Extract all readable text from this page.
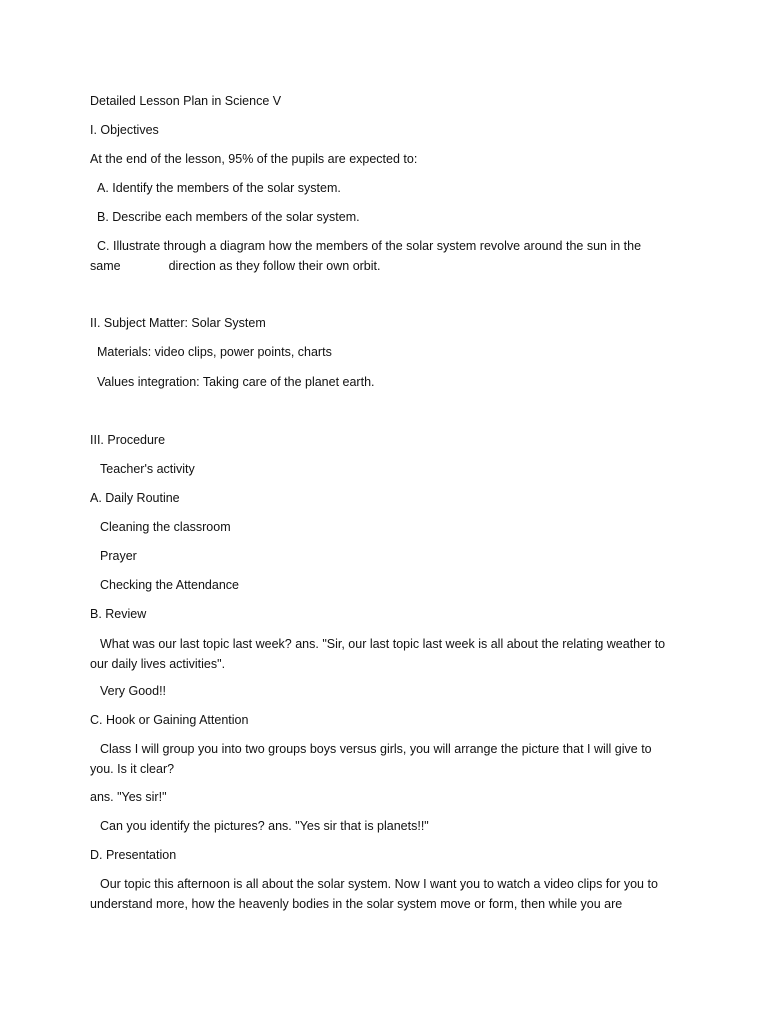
Detailed Lesson Plan in Science V
I. Objectives
At the end of the lesson, 95% of the pupils are expected to:
A. Identify the members of the solar system.
B. Describe each members of the solar system.
C. Illustrate through a diagram how the members of the solar system revolve around the sun in the
same	direction as they follow their own orbit.
II. Subject Matter: Solar System
Materials: video clips, power points, charts
Values integration: Taking care of the planet earth.
III. Procedure
Teacher's activity
A. Daily Routine
Cleaning the classroom
Prayer
Checking the Attendance
B. Review
What was our last topic last week? ans. "Sir, our last topic last week is all about the relating weather to
our daily lives activities".
Very Good!!
C. Hook or Gaining Attention
Class I will group you into two groups boys versus girls, you will arrange the picture that I will give to
you. Is it clear?
ans. "Yes sir!"
Can you identify the pictures? ans. "Yes sir that is planets!!"
D. Presentation
Our topic this afternoon is all about the solar system. Now I want you to watch a video clips for you to
understand more, how the heavenly bodies in the solar system move or form, then while you are
